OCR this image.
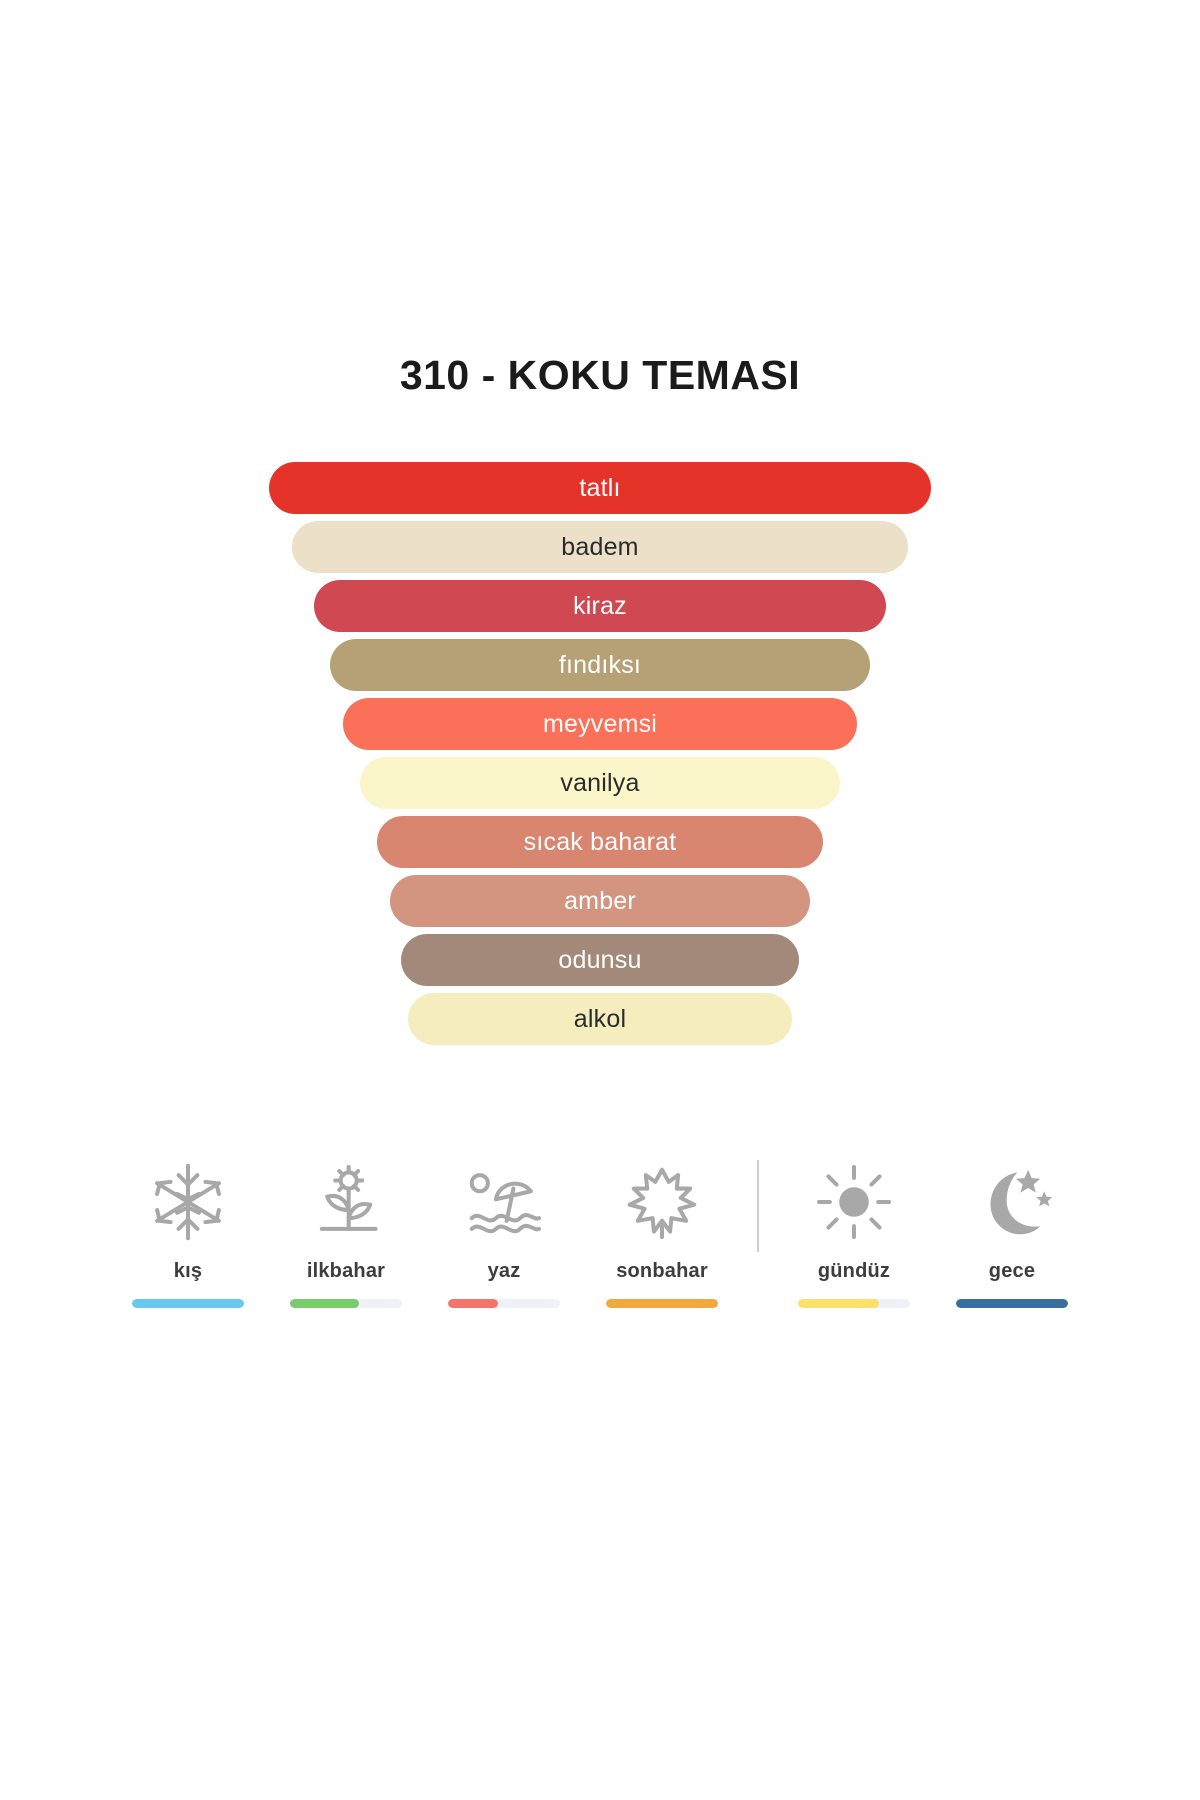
310 - KOKU TEMASI
tatlı
badem
kiraz
fındıksı
meyvemsi
vanilya
sıcak baharat
amber
odunsu
alkol
kış	ilkbahar	yaz	sonbahar	gündüz	gece
